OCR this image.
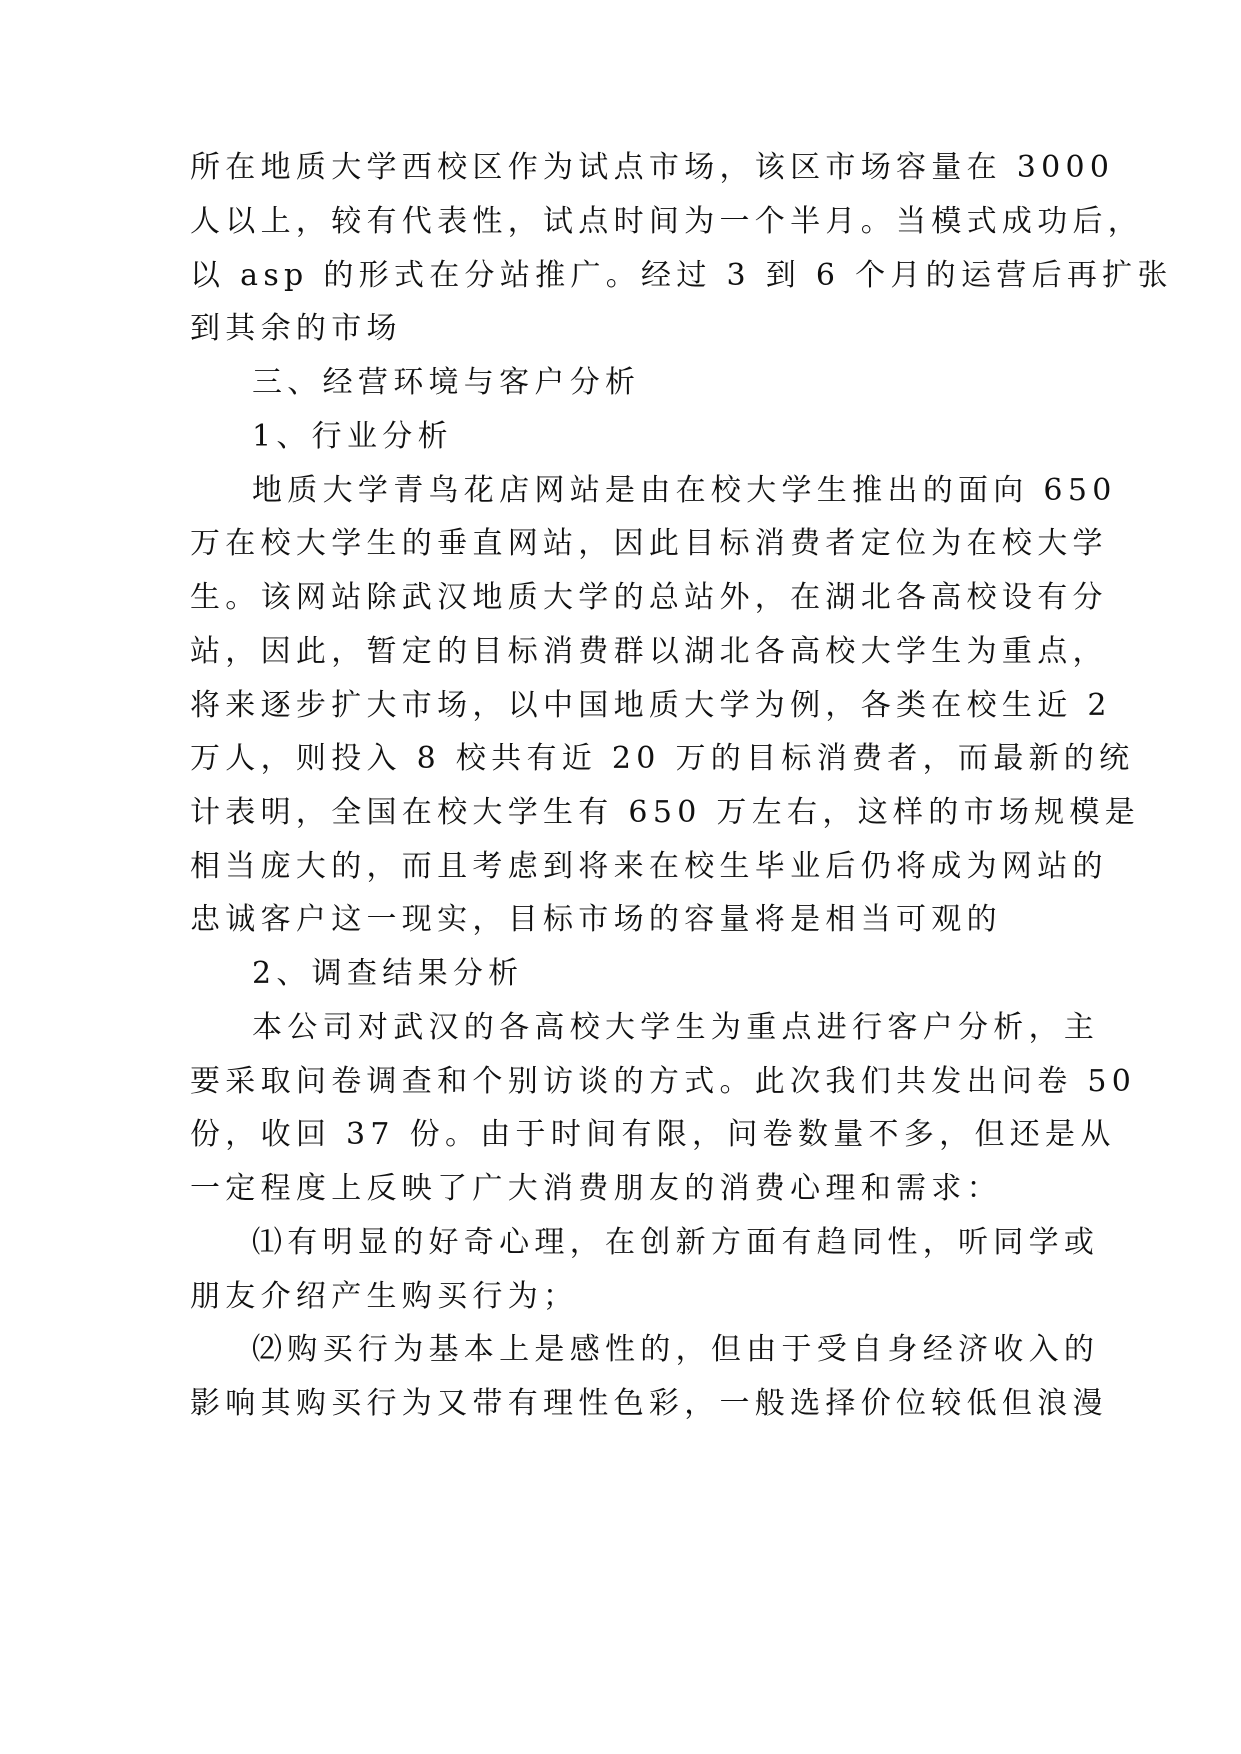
所在地质大学西校区作为试点市场，该区市场容量在 3000
人以上，较有代表性，试点时间为一个半月。当模式成功后，
以 asp 的形式在分站推广。经过 3 到 6 个月的运营后再扩张
到其余的市场
三、经营环境与客户分析
1、行业分析
地质大学青鸟花店网站是由在校大学生推出的面向 650
万在校大学生的垂直网站，因此目标消费者定位为在校大学
生。该网站除武汉地质大学的总站外，在湖北各高校设有分
站，因此，暂定的目标消费群以湖北各高校大学生为重点，
将来逐步扩大市场，以中国地质大学为例，各类在校生近 2
万人，则投入 8 校共有近 20 万的目标消费者，而最新的统
计表明，全国在校大学生有 650 万左右，这样的市场规模是
相当庞大的，而且考虑到将来在校生毕业后仍将成为网站的
忠诚客户这一现实，目标市场的容量将是相当可观的
2、调查结果分析
本公司对武汉的各高校大学生为重点进行客户分析，主
要采取问卷调查和个别访谈的方式。此次我们共发出问卷 50
份，收回 37 份。由于时间有限，问卷数量不多，但还是从
一定程度上反映了广大消费朋友的消费心理和需求：
⑴有明显的好奇心理，在创新方面有趋同性，听同学或
朋友介绍产生购买行为；
⑵购买行为基本上是感性的，但由于受自身经济收入的
影响其购买行为又带有理性色彩，一般选择价位较低但浪漫
